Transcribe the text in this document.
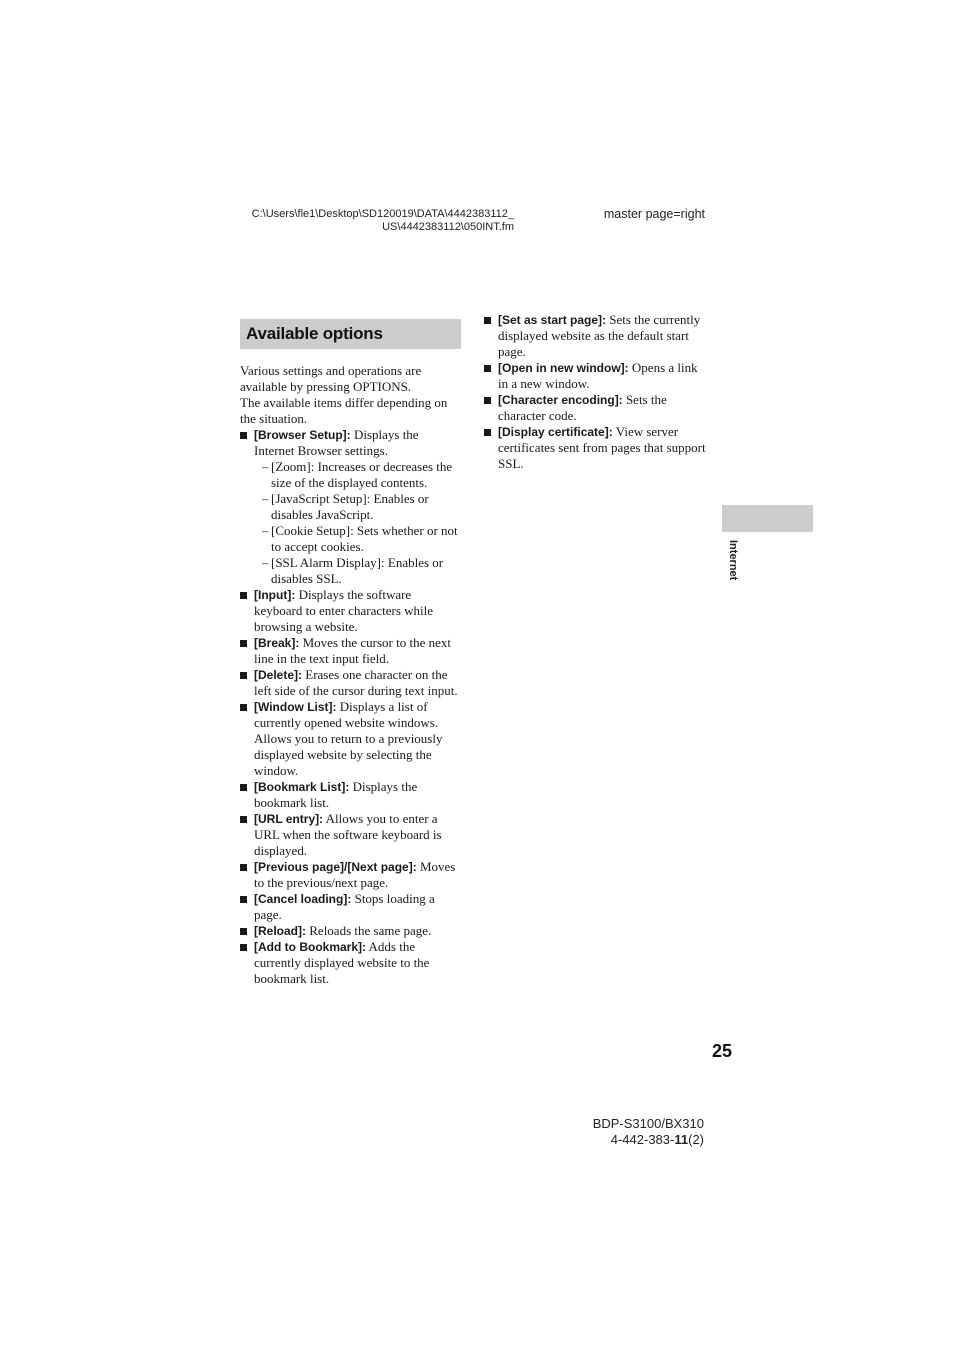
C:\Users\fle1\Desktop\SD120019\DATA\4442383112_
US\4442383112\050INT.fm
master page=right
Available options

Various settings and operations are available by pressing OPTIONS.

The available items differ depending on the situation.

[Browser Setup]: Displays the Internet Browser settings.
– [Zoom]: Increases or decreases the size of the displayed contents.
– [JavaScript Setup]: Enables or disables JavaScript.
– [Cookie Setup]: Sets whether or not to accept cookies.
– [SSL Alarm Display]: Enables or disables SSL.
[Input]: Displays the software keyboard to enter characters while browsing a website.
[Break]: Moves the cursor to the next line in the text input field.
[Delete]: Erases one character on the left side of the cursor during text input.
[Window List]: Displays a list of currently opened website windows. Allows you to return to a previously displayed website by selecting the window.
[Bookmark List]: Displays the bookmark list.
[URL entry]: Allows you to enter a URL when the software keyboard is displayed.
[Previous page]/[Next page]: Moves to the previous/next page.
[Cancel loading]: Stops loading a page.
[Reload]: Reloads the same page.
[Add to Bookmark]: Adds the currently displayed website to the bookmark list.
[Set as start page]: Sets the currently displayed website as the default start page.
[Open in new window]: Opens a link in a new window.
[Character encoding]: Sets the character code.
[Display certificate]: View server certificates sent from pages that support SSL.
Internet
25
BDP-S3100/BX310
4-442-383-11(2)
